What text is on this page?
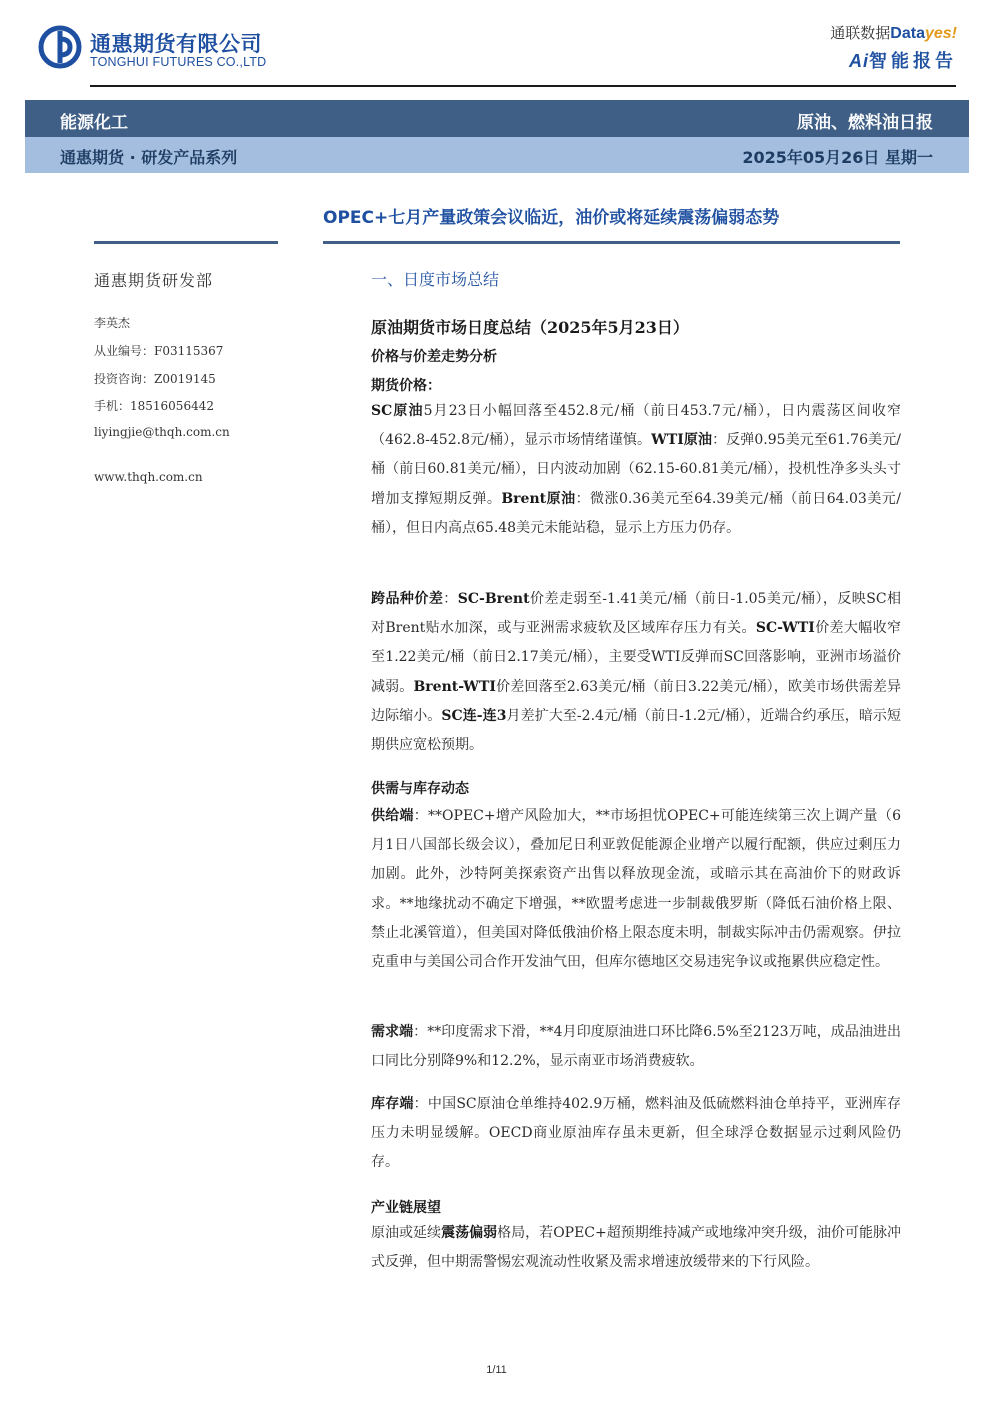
通惠期货有限公司
TONGHUI FUTURES CO.,LTD
通联数据Datayes!
Ai智能报告
能源化工	原油、燃料油日报
通惠期货 · 研发产品系列	2025年05月26日 星期一
OPEC+七月产量政策会议临近，油价或将延续震荡偏弱态势
通惠期货研发部
李英杰
从业编号：F03115367
投资咨询：Z0019145
手机：18516056442
liyingjie@thqh.com.cn
www.thqh.com.cn
一、日度市场总结
原油期货市场日度总结（2025年5月23日）
价格与价差走势分析
期货价格：
SC原油5月23日小幅回落至452.8元/桶（前日453.7元/桶），日内震荡区间收窄（462.8-452.8元/桶），显示市场情绪谨慎。WTI原油：反弹0.95美元至61.76美元/桶（前日60.81美元/桶），日内波动加剧（62.15-60.81美元/桶），投机性净多头头寸增加支撑短期反弹。Brent原油：微涨0.36美元至64.39美元/桶（前日64.03美元/桶），但日内高点65.48美元未能站稳，显示上方压力仍存。
跨品种价差：SC-Brent价差走弱至-1.41美元/桶（前日-1.05美元/桶），反映SC相对Brent贴水加深，或与亚洲需求疲软及区域库存压力有关。SC-WTI价差大幅收窄至1.22美元/桶（前日2.17美元/桶），主要受WTI反弹而SC回落影响，亚洲市场溢价减弱。Brent-WTI价差回落至2.63美元/桶（前日3.22美元/桶），欧美市场供需差异边际缩小。SC连-连3月差扩大至-2.4元/桶（前日-1.2元/桶），近端合约承压，暗示短期供应宽松预期。
供需与库存动态
供给端：**OPEC+增产风险加大，**市场担忧OPEC+可能连续第三次上调产量（6月1日八国部长级会议），叠加尼日利亚敦促能源企业增产以履行配额，供应过剩压力加剧。此外，沙特阿美探索资产出售以释放现金流，或暗示其在高油价下的财政诉求。**地缘扰动不确定下增强，**欧盟考虑进一步制裁俄罗斯（降低石油价格上限、禁止北溪管道），但美国对降低俄油价格上限态度未明，制裁实际冲击仍需观察。伊拉克重申与美国公司合作开发油气田，但库尔德地区交易违宪争议或拖累供应稳定性。
需求端：**印度需求下滑，**4月印度原油进口环比降6.5%至2123万吨，成品油进出口同比分别降9%和12.2%，显示南亚市场消费疲软。
库存端：中国SC原油仓单维持402.9万桶，燃料油及低硫燃料油仓单持平，亚洲库存压力未明显缓解。OECD商业原油库存虽未更新，但全球浮仓数据显示过剩风险仍存。
产业链展望
原油或延续震荡偏弱格局，若OPEC+超预期维持减产或地缘冲突升级，油价可能脉冲式反弹，但中期需警惕宏观流动性收紧及需求增速放缓带来的下行风险。
1/11
